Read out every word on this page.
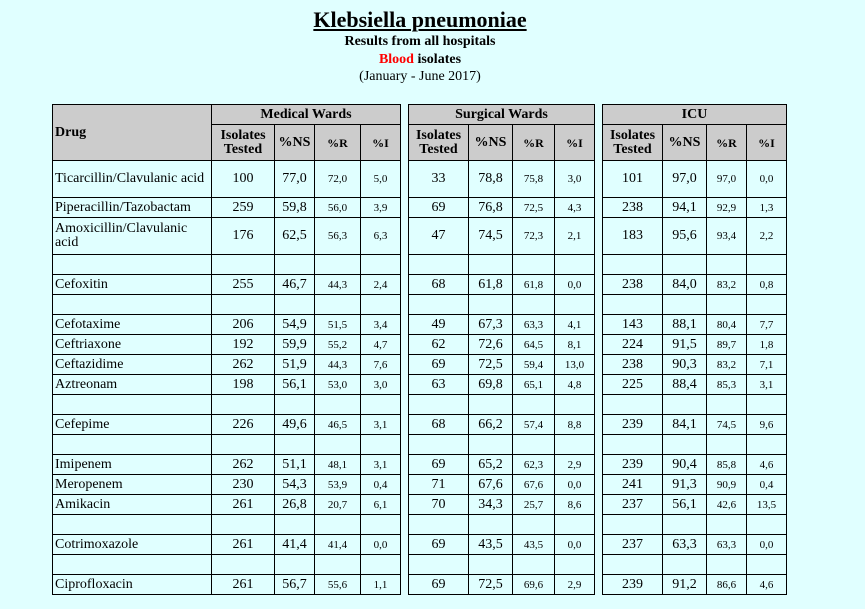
Klebsiella pneumoniae
Results from all hospitals
Blood isolates
(January - June 2017)
Drug	Medical Wards					Surgical Wards					ICU			
	Isolates Tested	%NS	%R	%I		Isolates Tested	%NS	%R	%I		Isolates Tested	%NS	%R	%I
Ticarcillin/Clavulanic acid	100	77,0	72,0	5,0		33	78,8	75,8	3,0		101	97,0	97,0	0,0
Piperacillin/Tazobactam	259	59,8	56,0	3,9		69	76,8	72,5	4,3		238	94,1	92,9	1,3
Amoxicillin/Clavulanic acid	176	62,5	56,3	6,3		47	74,5	72,3	2,1		183	95,6	93,4	2,2

Cefoxitin	255	46,7	44,3	2,4		68	61,8	61,8	0,0		238	84,0	83,2	0,8

Cefotaxime	206	54,9	51,5	3,4		49	67,3	63,3	4,1		143	88,1	80,4	7,7
Ceftriaxone	192	59,9	55,2	4,7		62	72,6	64,5	8,1		224	91,5	89,7	1,8
Ceftazidime	262	51,9	44,3	7,6		69	72,5	59,4	13,0		238	90,3	83,2	7,1
Aztreonam	198	56,1	53,0	3,0		63	69,8	65,1	4,8		225	88,4	85,3	3,1

Cefepime	226	49,6	46,5	3,1		68	66,2	57,4	8,8		239	84,1	74,5	9,6

Imipenem	262	51,1	48,1	3,1		69	65,2	62,3	2,9		239	90,4	85,8	4,6
Meropenem	230	54,3	53,9	0,4		71	67,6	67,6	0,0		241	91,3	90,9	0,4
Amikacin	261	26,8	20,7	6,1		70	34,3	25,7	8,6		237	56,1	42,6	13,5

Cotrimoxazole	261	41,4	41,4	0,0		69	43,5	43,5	0,0		237	63,3	63,3	0,0

Ciprofloxacin	261	56,7	55,6	1,1		69	72,5	69,6	2,9		239	91,2	86,6	4,6
